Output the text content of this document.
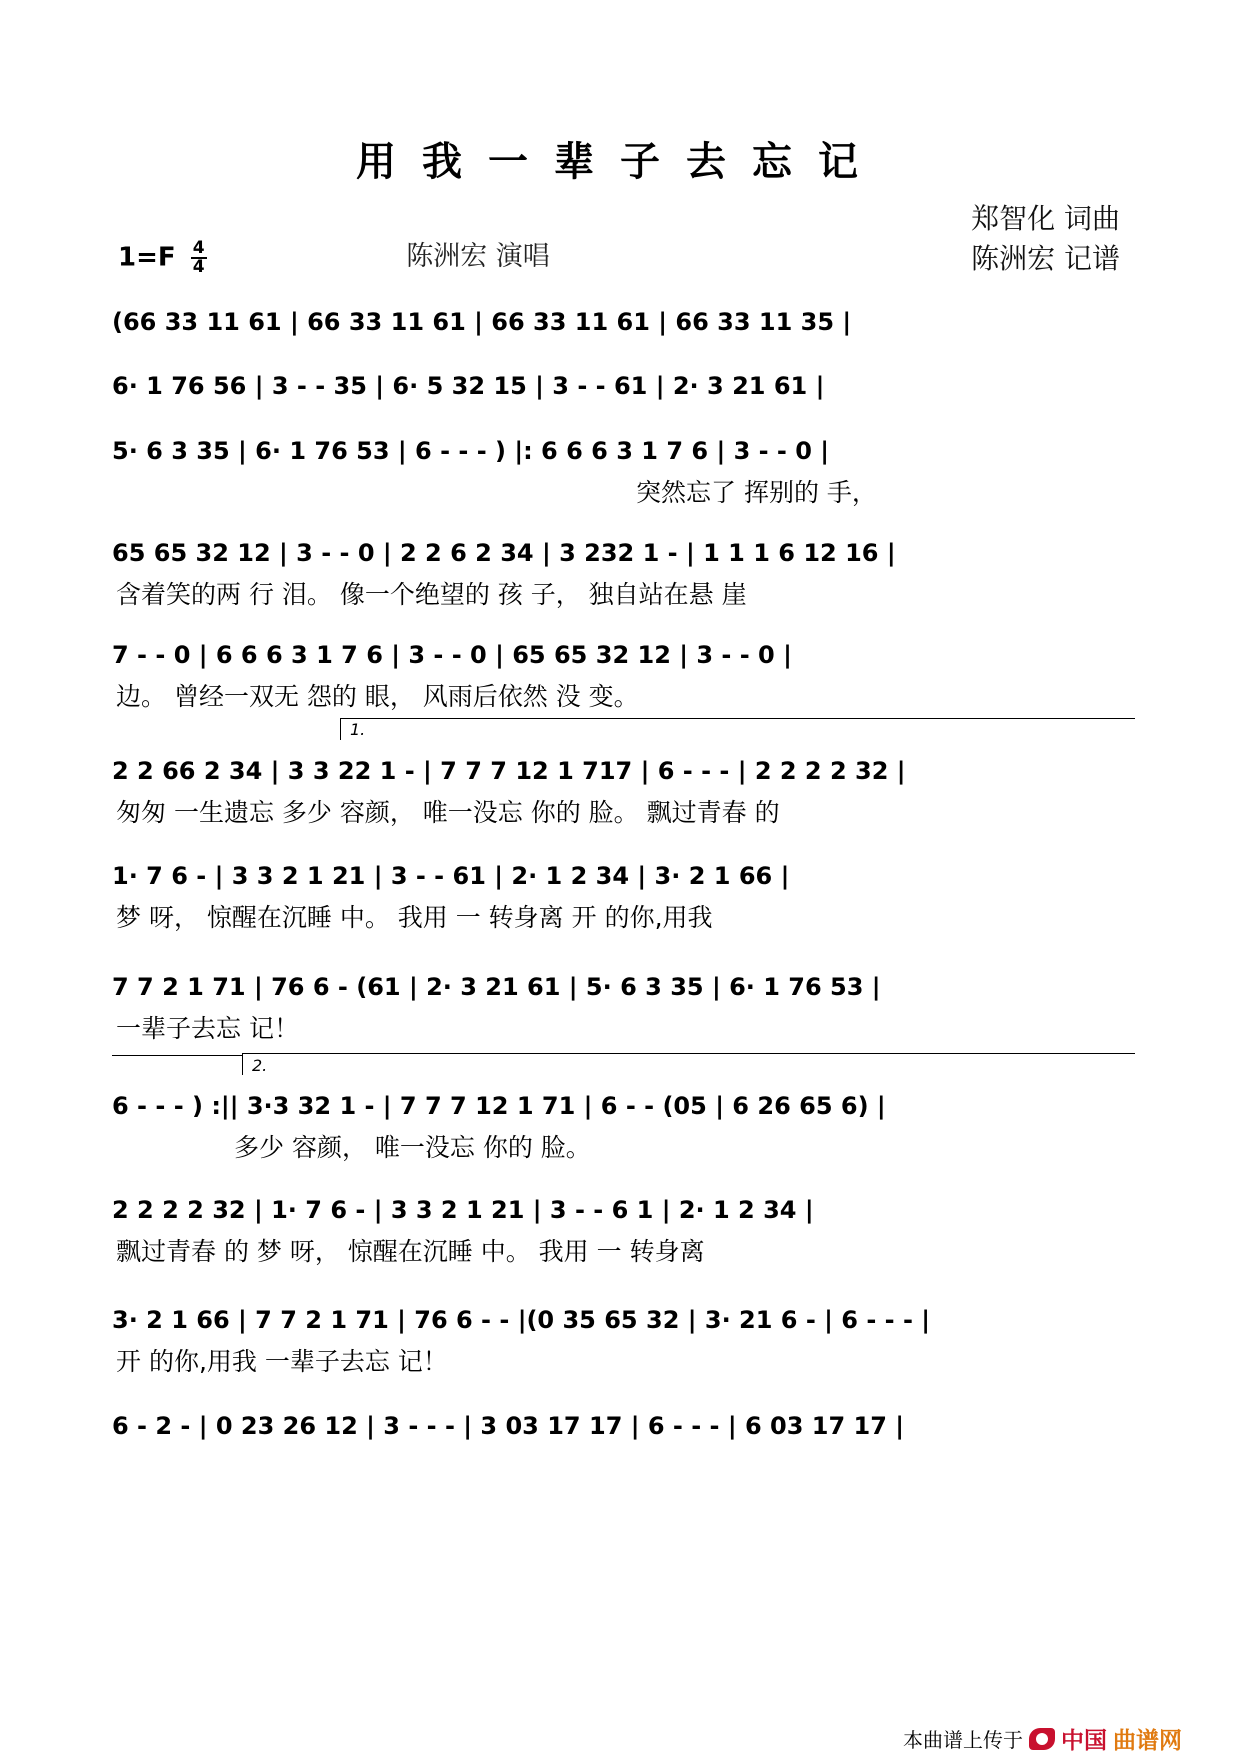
用我一辈子去忘记
$1=F \frac{4}{4}$	陈洲宏 演唱
郑智化 词曲
陈洲宏 记谱
1.
2.
(66 33 11 61 | 66 33 11 61 | 66 33 11 61 | 66 33 11 35 |
6· 1 76 56 | 3 - - 35 | 6· 5 32 15 | 3 - - 61 | 2· 3 21 61 |
5· 6 3 35 | 6· 1 76 53 | 6 - - - ) |: 6 6 6 3 1 7 6 | 3 - - 0 |
突然忘了 挥别的 手，
65 65 32 12 | 3 - - 0 | 2 2 6 2 34 | 3 232 1 - | 1 1 1 6 12 16 |
含着笑的两 行 泪。 像一个绝望的 孩 子， 独自站在悬 崖
7 - - 0 | 6 6 6 3 1 7 6 | 3 - - 0 | 65 65 32 12 | 3 - - 0 |
边。 曾经一双无 怨的 眼， 风雨后依然 没 变。
2 2 66 2 34 | 3 3 22 1 - | 7 7 7 12 1 717 | 6 - - - | 2 2 2 2 32 |
匆匆 一生遗忘 多少 容颜， 唯一没忘 你的 脸。 飘过青春 的
1· 7 6 - | 3 3 2 1 21 | 3 - - 61 | 2· 1 2 34 | 3· 2 1 66 |
梦 呀， 惊醒在沉睡 中。 我用 一 转身离 开 的你,用我
7 7 2 1 71 | 76 6 - (61 | 2· 3 21 61 | 5· 6 3 35 | 6· 1 76 53 |
一辈子去忘 记！
6 - - - ) :|| 3·3 32 1 - | 7 7 7 12 1 71 | 6 - - (05 | 6 26 65 6) |
多少 容颜， 唯一没忘 你的 脸。
2 2 2 2 32 | 1· 7 6 - | 3 3 2 1 21 | 3 - - 6 1 | 2· 1 2 34 |
飘过青春 的 梦 呀， 惊醒在沉睡 中。 我用 一 转身离
3· 2 1 66 | 7 7 2 1 71 | 76 6 - - |(0 35 65 32 | 3· 21 6 - | 6 - - - |
开 的你,用我 一辈子去忘 记！
6 - 2 - | 0 23 26 12 | 3 - - - | 3 03 17 17 | 6 - - - | 6 03 17 17 |
本曲谱上传于 中国 曲谱网
